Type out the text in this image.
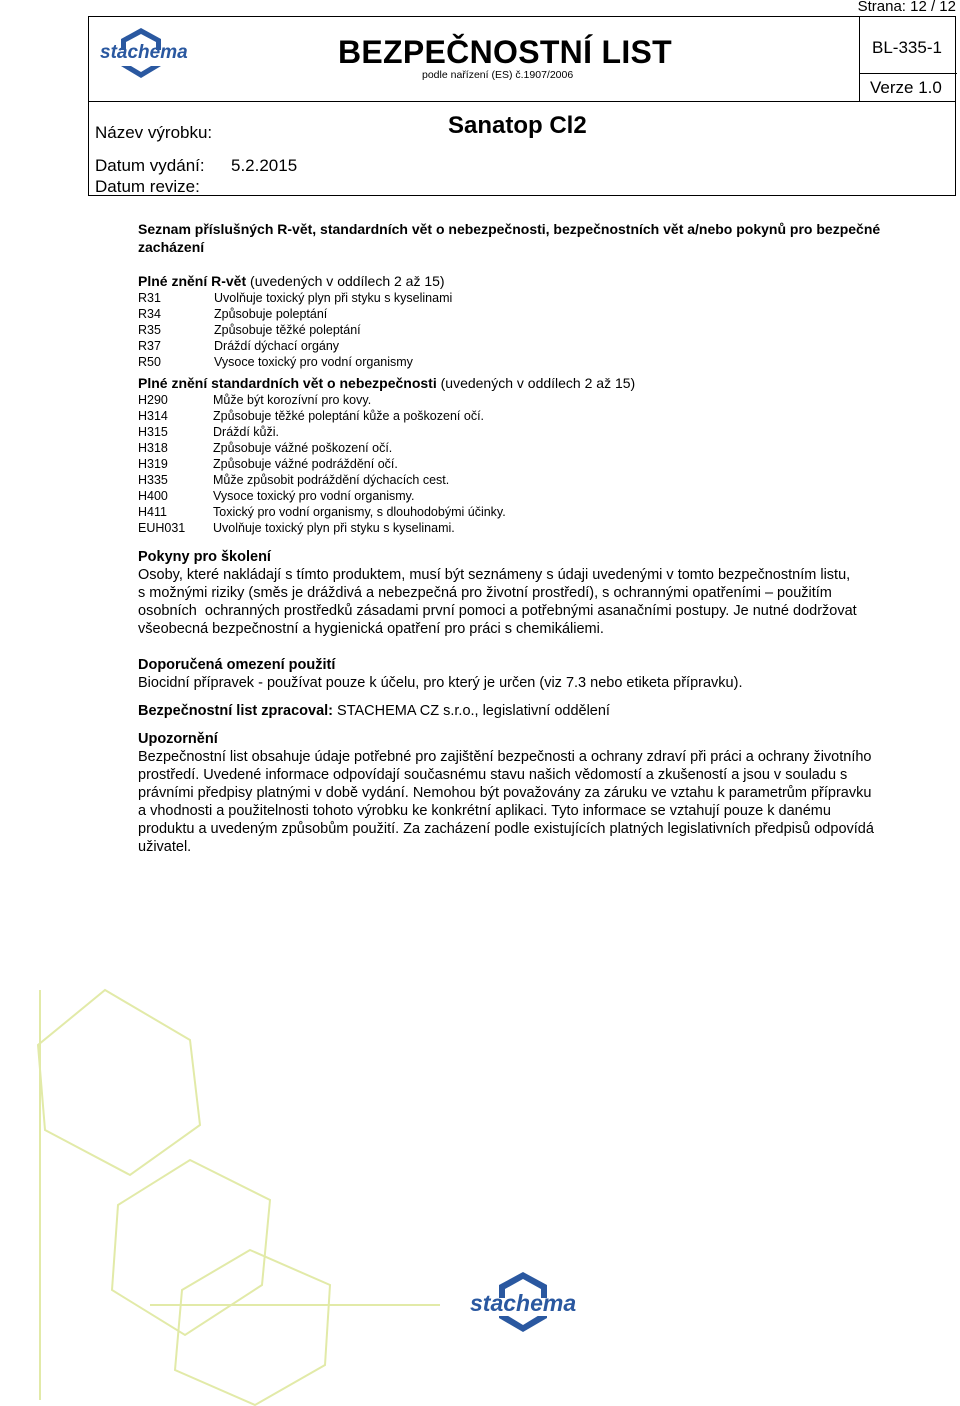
Strana: 12 / 12
stachema	BEZPEČNOSTNÍ LIST
podle nařízení (ES) č.1907/2006
BL-335-1
Verze 1.0
Název výrobku:	Sanatop Cl2
Datum vydání: 5.2.2015
Datum revize:
Seznam příslušných R-vět, standardních vět o nebezpečnosti, bezpečnostních vět a/nebo pokynů pro bezpečné zacházení
Plné znění R-vět (uvedených v oddílech 2 až 15)
R31	Uvolňuje toxický plyn při styku s kyselinami
R34	Způsobuje poleptání
R35	Způsobuje těžké poleptání
R37	Dráždí dýchací orgány
R50	Vysoce toxický pro vodní organismy
Plné znění standardních vět o nebezpečnosti (uvedených v oddílech 2 až 15)
H290	Může být korozívní pro kovy.
H314	Způsobuje těžké poleptání kůže a poškození očí.
H315	Dráždí kůži.
H318	Způsobuje vážné poškození očí.
H319	Způsobuje vážné podráždění očí.
H335	Může způsobit podráždění dýchacích cest.
H400	Vysoce toxický pro vodní organismy.
H411	Toxický pro vodní organismy, s dlouhodobými účinky.
EUH031	Uvolňuje toxický plyn při styku s kyselinami.
Pokyny pro školení
Osoby, které nakládají s tímto produktem, musí být seznámeny s údaji uvedenými v tomto bezpečnostním listu,
s možnými riziky (směs je dráždivá a nebezpečná pro životní prostředí), s ochrannými opatřeními – použitím
osobních  ochranných prostředků zásadami první pomoci a potřebnými asanačními postupy. Je nutné dodržovat
všeobecná bezpečnostní a hygienická opatření pro práci s chemikáliemi.
Doporučená omezení použití
Biocidní přípravek - používat pouze k účelu, pro který je určen (viz 7.3 nebo etiketa přípravku).
Bezpečnostní list zpracoval: STACHEMA CZ s.r.o., legislativní oddělení
Upozornění
Bezpečnostní list obsahuje údaje potřebné pro zajištění bezpečnosti a ochrany zdraví při práci a ochrany životního
prostředí. Uvedené informace odpovídají současnému stavu našich vědomostí a zkušeností a jsou v souladu s
právními předpisy platnými v době vydání. Nemohou být považovány za záruku ve vztahu k parametrům přípravku
a vhodnosti a použitelnosti tohoto výrobku ke konkrétní aplikaci. Tyto informace se vztahují pouze k danému
produktu a uvedeným způsobům použití. Za zacházení podle existujících platných legislativních předpisů odpovídá
uživatel.
stachema
